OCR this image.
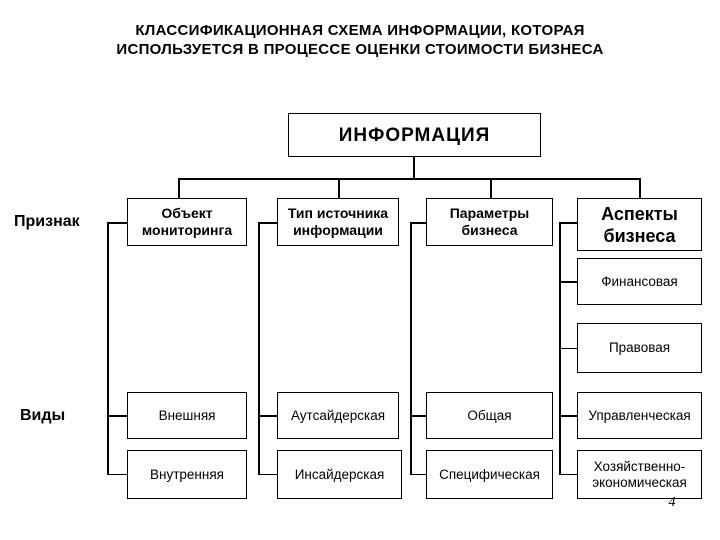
КЛАССИФИКАЦИОННАЯ СХЕМА ИНФОРМАЦИИ, КОТОРАЯ
ИСПОЛЬЗУЕТСЯ В ПРОЦЕССЕ ОЦЕНКИ СТОИМОСТИ БИЗНЕСА
ИНФОРМАЦИЯ
Признак
Виды
Объект мониторинга
Тип источника информации
Параметры бизнеса
Аспекты бизнеса
Финансовая
Правовая
Внешняя	Аутсайдерская	Общая	Управленческая
Внутренняя	Инсайдерская	Специфическая
Хозяйственно-экономическая
4
